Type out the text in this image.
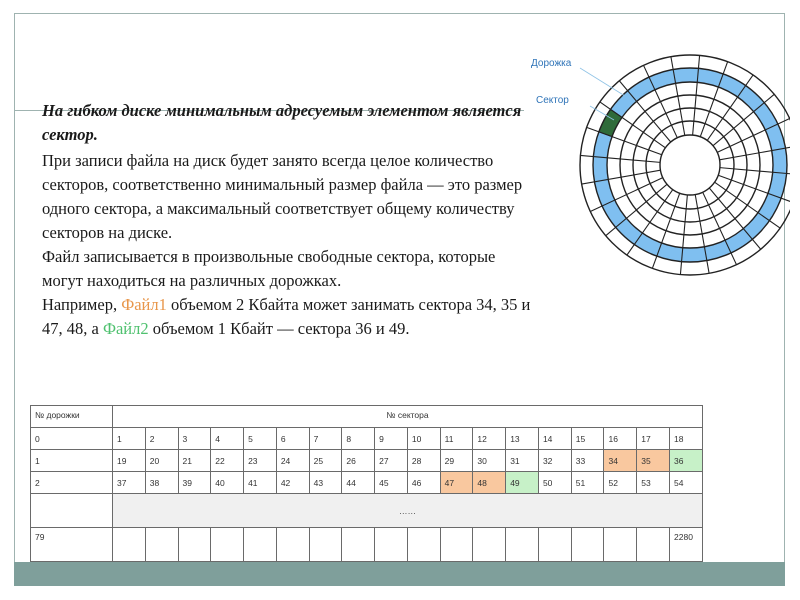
На гибком диске минимальным адресуемым элементом является сектор.

При записи файла на диск будет занято всегда целое количество секторов, соответственно минимальный размер файла — это размер одного сектора, а максимальный соответствует общему количеству секторов на диске.

Файл записывается в произвольные свободные сектора, которые могут находиться на различных дорожках.

Например, Файл1 объемом 2 Кбайта может занимать сектора 34, 35 и 47, 48, а Файл2 объемом 1 Кбайт — сектора 36 и 49.

Дорожка
Сектор
№ дорожки	№ сектора																	
0	1	2	3	4	5	6	7	8	9	10	11	12	13	14	15	16	17	18
1	19	20	21	22	23	24	25	26	27	28	29	30	31	32	33	34	35	36
2	37	38	39	40	41	42	43	44	45	46	47	48	49	50	51	52	53	54
	……																	
79																		2280
